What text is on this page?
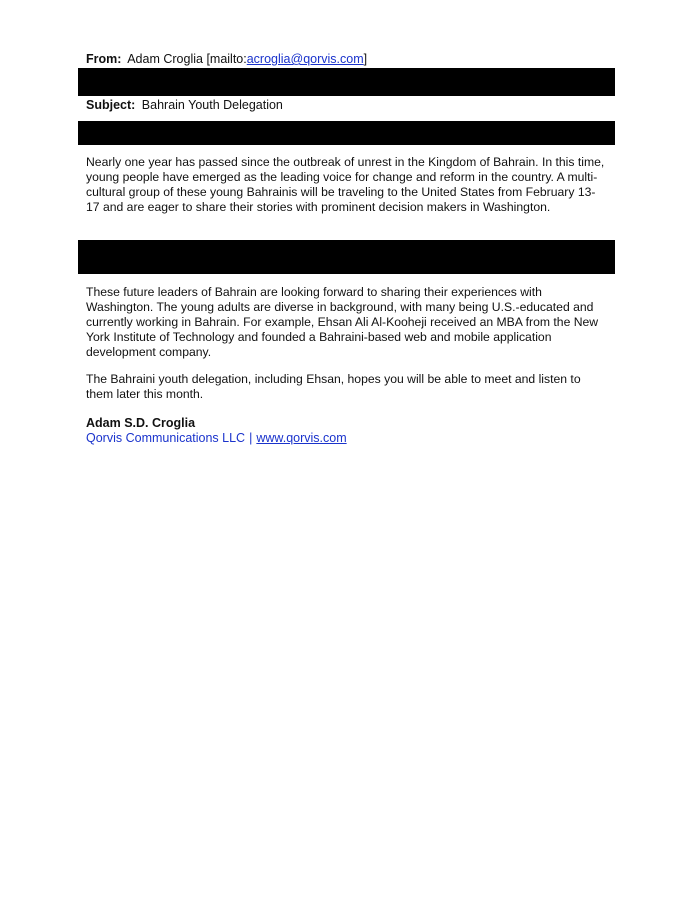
From: Adam Croglia [mailto:acroglia@qorvis.com]
Subject: Bahrain Youth Delegation

Nearly one year has passed since the outbreak of unrest in the Kingdom of Bahrain. In this time, young people have emerged as the leading voice for change and reform in the country. A multi-cultural group of these young Bahrainis will be traveling to the United States from February 13-17 and are eager to share their stories with prominent decision makers in Washington.

These future leaders of Bahrain are looking forward to sharing their experiences with Washington. The young adults are diverse in background, with many being U.S.-educated and currently working in Bahrain. For example, Ehsan Ali Al-Kooheji received an MBA from the New York Institute of Technology and founded a Bahraini-based web and mobile application development company.

The Bahraini youth delegation, including Ehsan, hopes you will be able to meet and listen to them later this month.

Adam S.D. Croglia
Qorvis Communications LLC | www.qorvis.com
